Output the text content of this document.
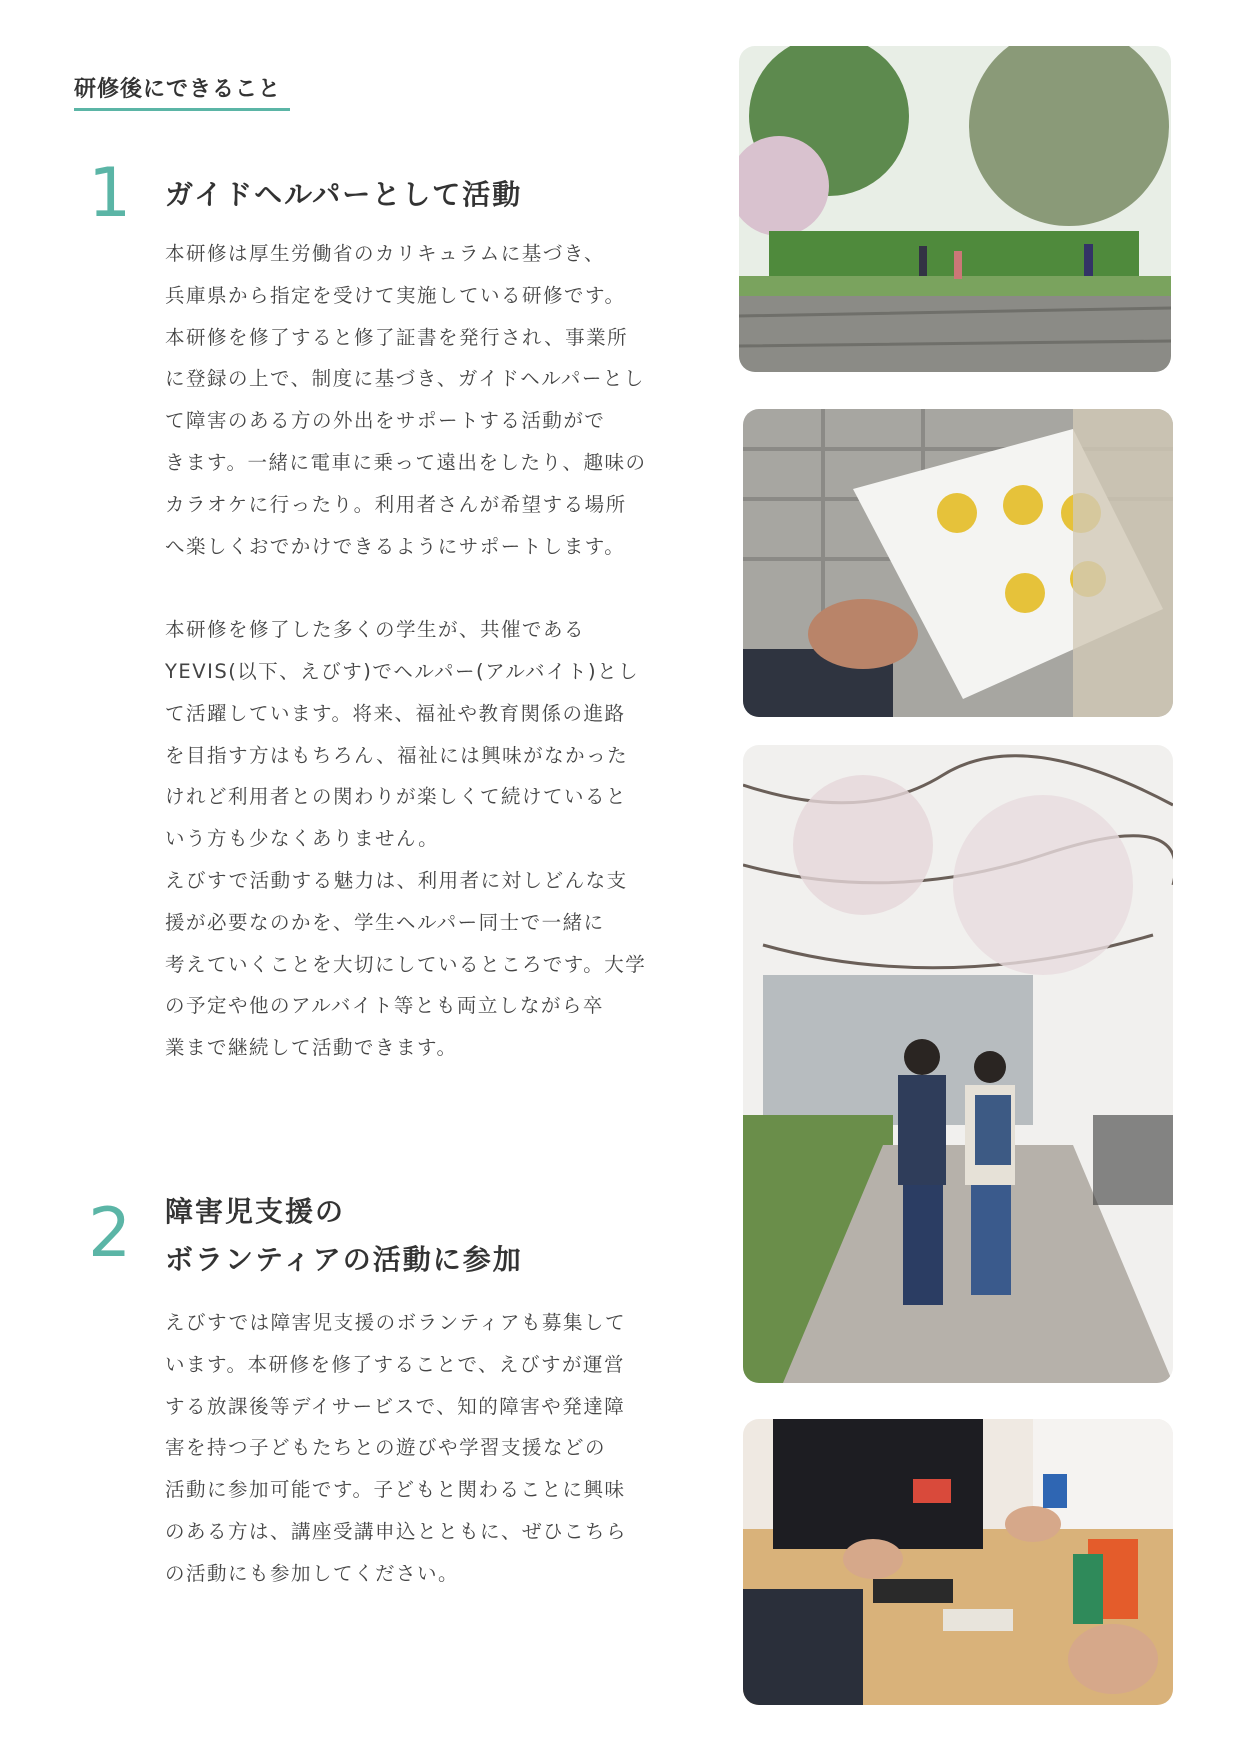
研修後にできること
1 ガイドヘルパーとして活動

本研修は厚生労働省のカリキュラムに基づき、

兵庫県から指定を受けて実施している研修です。

本研修を修了すると修了証書を発行され、事業所

に登録の上で、制度に基づき、ガイドヘルパーとし

て障害のある方の外出をサポートする活動がで

きます。一緒に電車に乗って遠出をしたり、趣味の

カラオケに行ったり。利用者さんが希望する場所

へ楽しくおでかけできるようにサポートします。

本研修を修了した多くの学生が、共催である

YEVIS(以下、えびす)でヘルパー(アルバイト)とし

て活躍しています。将来、福祉や教育関係の進路

を目指す方はもちろん、福祉には興味がなかった

けれど利用者との関わりが楽しくて続けていると

いう方も少なくありません。

えびすで活動する魅力は、利用者に対しどんな支

援が必要なのかを、学生ヘルパー同士で一緒に

考えていくことを大切にしているところです。大学

の予定や他のアルバイト等とも両立しながら卒

業まで継続して活動できます。

2 障害児支援の
ボランティアの活動に参加

えびすでは障害児支援のボランティアも募集して

います。本研修を修了することで、えびすが運営

する放課後等デイサービスで、知的障害や発達障

害を持つ子どもたちとの遊びや学習支援などの

活動に参加可能です。子どもと関わることに興味

のある方は、講座受講申込とともに、ぜひこちら

の活動にも参加してください。
